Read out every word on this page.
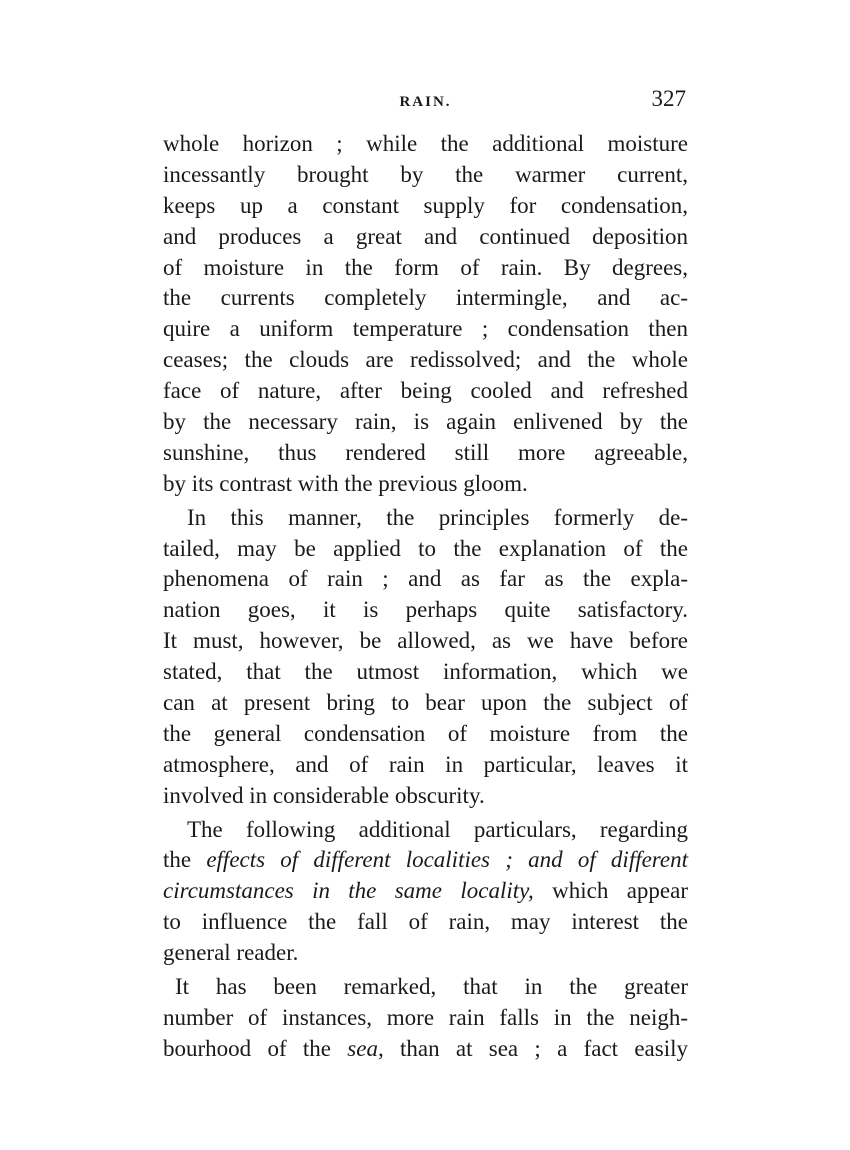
RAIN.	327
whole horizon ; while the additional moisture
incessantly brought by the warmer current,
keeps up a constant supply for condensation,
and produces a great and continued deposition
of moisture in the form of rain. By degrees,
the currents completely intermingle, and ac-
quire a uniform temperature ; condensation then
ceases; the clouds are redissolved; and the whole
face of nature, after being cooled and refreshed
by the necessary rain, is again enlivened by the
sunshine, thus rendered still more agreeable,
by its contrast with the previous gloom.
In this manner, the principles formerly de-
tailed, may be applied to the explanation of the
phenomena of rain ; and as far as the expla-
nation goes, it is perhaps quite satisfactory.
It must, however, be allowed, as we have before
stated, that the utmost information, which we
can at present bring to bear upon the subject of
the general condensation of moisture from the
atmosphere, and of rain in particular, leaves it
involved in considerable obscurity.
The following additional particulars, regarding
the effects of different localities ; and of different
circumstances in the same locality, which appear
to influence the fall of rain, may interest the
general reader.
It has been remarked, that in the greater
number of instances, more rain falls in the neigh-
bourhood of the sea, than at sea ; a fact easily
